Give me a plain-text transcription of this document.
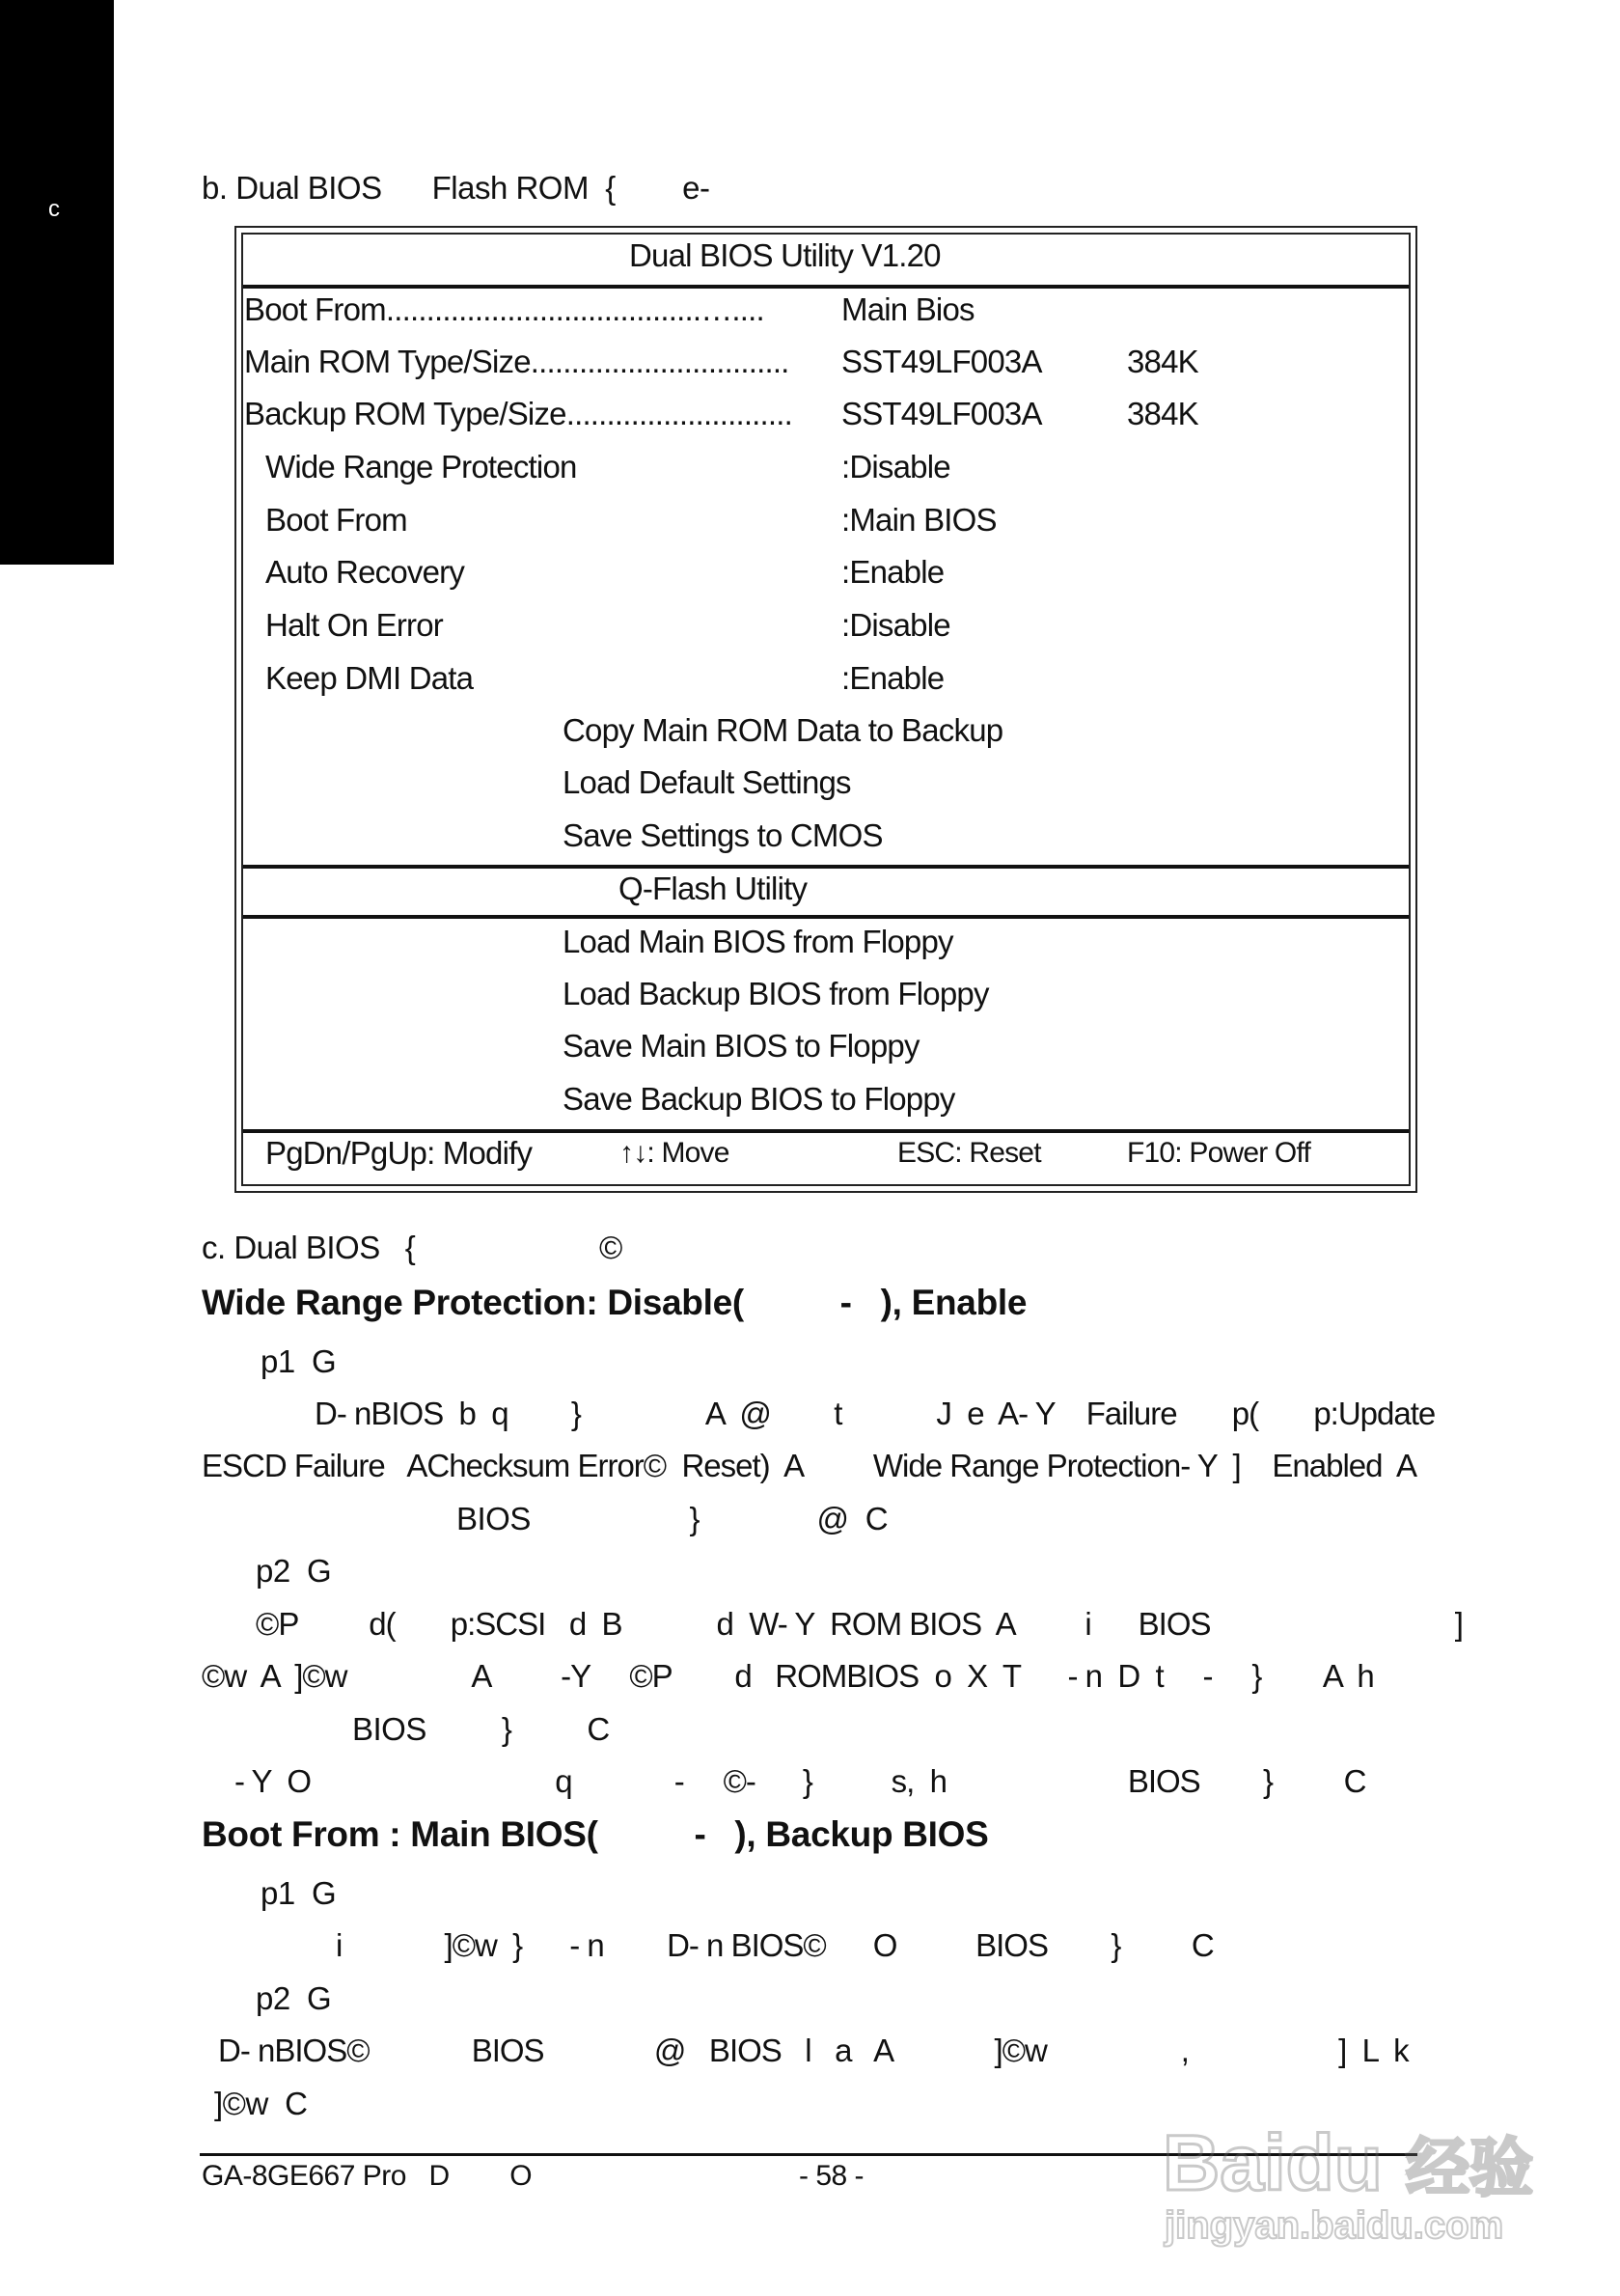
c
b. Dual BIOS      Flash ROM  {        e-
Dual BIOS Utility V1.20
Boot From.......................................….... Main Bios
Main ROM Type/Size................................ SST49LF003A	384K
Backup ROM Type/Size............................ SST49LF003A	384K
Wide Range Protection	:Disable
Boot From	:Main BIOS
Auto Recovery	:Enable
Halt On Error	:Disable
Keep DMI Data	:Enable
Copy Main ROM Data to Backup
Load Default Settings
Save Settings to CMOS
Q-Flash Utility
Load Main BIOS from Floppy
Load Backup BIOS from Floppy
Save Main BIOS to Floppy
Save Backup BIOS to Floppy
PgDn/PgUp: Modify	↑↓: Move	ESC: Reset	F10: Power Off
c. Dual BIOS   {                      ©
Wide Range Protection: Disable(          -   ), Enable
p1  G
D- nBIOS  b  q        }                A  @        t            J  e  A- Y    Failure       p(       p:Update
ESCD Failure   AChecksum Error©  Reset)  A         Wide Range Protection- Y  ]    Enabled  A
BIOS                   }              @  C
p2  G
©P         d(       p:SCSI   d  B            d  W- Y  ROM BIOS  A         i      BIOS                               ]
©w  A  ]©w                A         -Y     ©P        d   ROMBIOS  o  X  T      - n  D  t     -     }        A  h
BIOS         }         C
- Y  O                               q             -     ©-      }          s,  h                       BIOS        }         C
Boot From : Main BIOS(          -   ), Backup BIOS
p1  G
i             ]©w  }      - n        D- n BIOS©      O          BIOS        }         C
p2  G
D- nBIOS©             BIOS              @   BIOS   l   a   A             ]©w                 ,                   ]  L  k
]©w  C
GA-8GE667 Pro   D        O	- 58 -	Baidu 经验
jingyan.baidu.com
